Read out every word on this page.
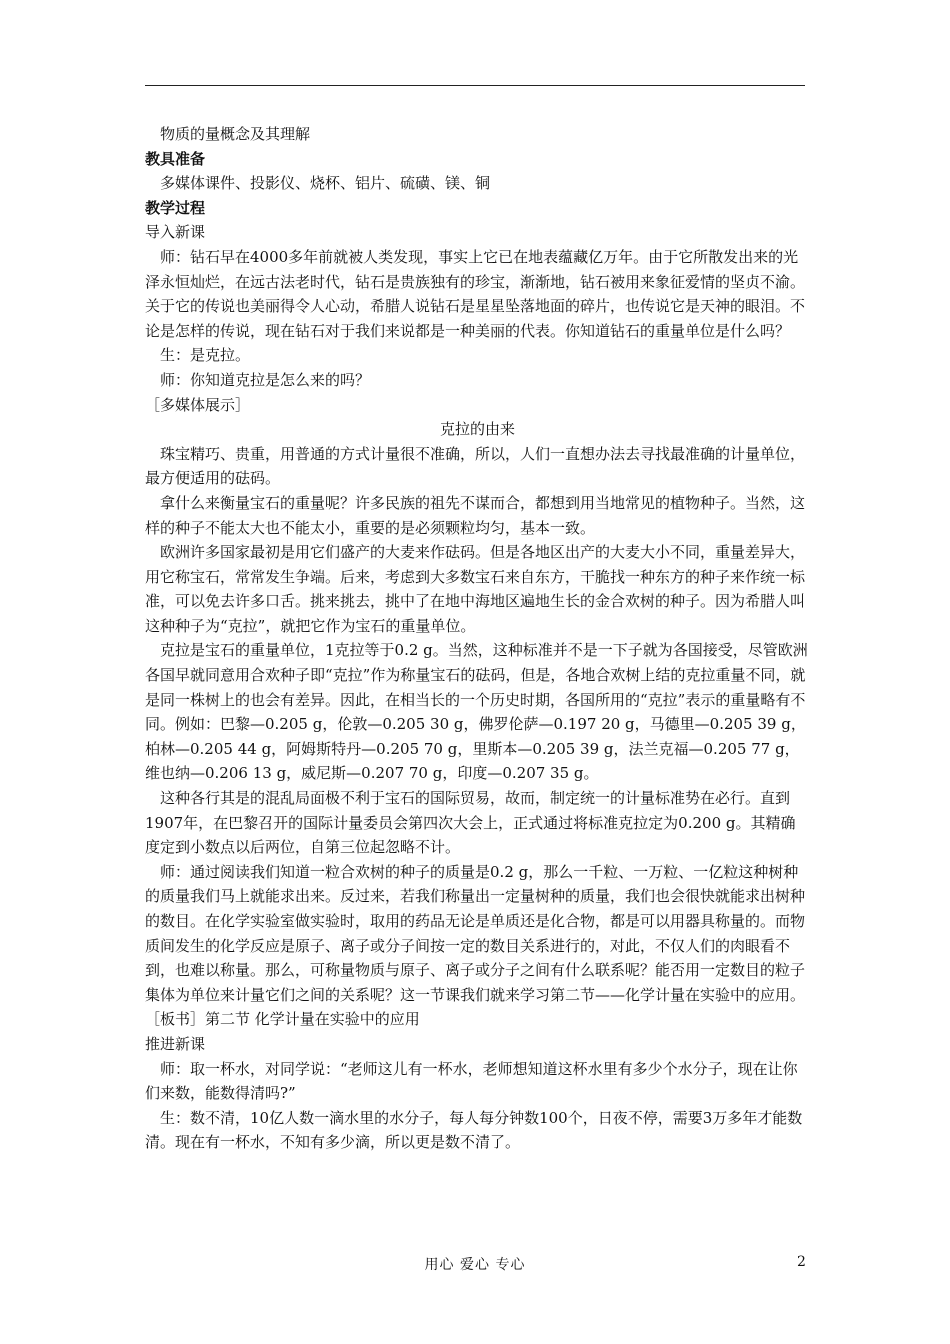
物质的量概念及其理解

教具准备

多媒体课件、投影仪、烧杯、铝片、硫磺、镁、铜

教学过程

导入新课

师：钻石早在4000多年前就被人类发现，事实上它已在地表蕴藏亿万年。由于它所散发出来的光泽永恒灿烂，在远古法老时代，钻石是贵族独有的珍宝，渐渐地，钻石被用来象征爱情的坚贞不渝。关于它的传说也美丽得令人心动，希腊人说钻石是星星坠落地面的碎片，也传说它是天神的眼泪。不论是怎样的传说，现在钻石对于我们来说都是一种美丽的代表。你知道钻石的重量单位是什么吗？

生：是克拉。

师：你知道克拉是怎么来的吗？

［多媒体展示］

克拉的由来

珠宝精巧、贵重，用普通的方式计量很不准确，所以，人们一直想办法去寻找最准确的计量单位，最方便适用的砝码。

拿什么来衡量宝石的重量呢？许多民族的祖先不谋而合，都想到用当地常见的植物种子。当然，这样的种子不能太大也不能太小，重要的是必须颗粒均匀，基本一致。

欧洲许多国家最初是用它们盛产的大麦来作砝码。但是各地区出产的大麦大小不同，重量差异大，用它称宝石，常常发生争端。后来，考虑到大多数宝石来自东方，干脆找一种东方的种子来作统一标准，可以免去许多口舌。挑来挑去，挑中了在地中海地区遍地生长的金合欢树的种子。因为希腊人叫这种种子为“克拉”，就把它作为宝石的重量单位。

克拉是宝石的重量单位，1克拉等于0.2 g。当然，这种标准并不是一下子就为各国接受，尽管欧洲各国早就同意用合欢种子即“克拉”作为称量宝石的砝码，但是，各地合欢树上结的克拉重量不同，就是同一株树上的也会有差异。因此，在相当长的一个历史时期，各国所用的“克拉”表示的重量略有不同。例如：巴黎—0.205 g，伦敦—0.205 30 g，佛罗伦萨—0.197 20 g，马德里—0.205 39 g，柏林—0.205 44 g，阿姆斯特丹—0.205 70 g，里斯本—0.205 39 g，法兰克福—0.205 77 g，维也纳—0.206 13 g，威尼斯—0.207 70 g，印度—0.207 35 g。

这种各行其是的混乱局面极不利于宝石的国际贸易，故而，制定统一的计量标准势在必行。直到1907年，在巴黎召开的国际计量委员会第四次大会上，正式通过将标准克拉定为0.200 g。其精确度定到小数点以后两位，自第三位起忽略不计。

师：通过阅读我们知道一粒合欢树的种子的质量是0.2 g，那么一千粒、一万粒、一亿粒这种树种的质量我们马上就能求出来。反过来，若我们称量出一定量树种的质量，我们也会很快就能求出树种的数目。在化学实验室做实验时，取用的药品无论是单质还是化合物，都是可以用器具称量的。而物质间发生的化学反应是原子、离子或分子间按一定的数目关系进行的，对此，不仅人们的肉眼看不到，也难以称量。那么，可称量物质与原子、离子或分子之间有什么联系呢？能否用一定数目的粒子集体为单位来计量它们之间的关系呢？这一节课我们就来学习第二节——化学计量在实验中的应用。

［板书］第二节 化学计量在实验中的应用

推进新课

师：取一杯水，对同学说：“老师这儿有一杯水，老师想知道这杯水里有多少个水分子，现在让你们来数，能数得清吗?”

生：数不清，10亿人数一滴水里的水分子，每人每分钟数100个，日夜不停，需要3万多年才能数清。现在有一杯水，不知有多少滴，所以更是数不清了。

用心 爱心 专心	2
